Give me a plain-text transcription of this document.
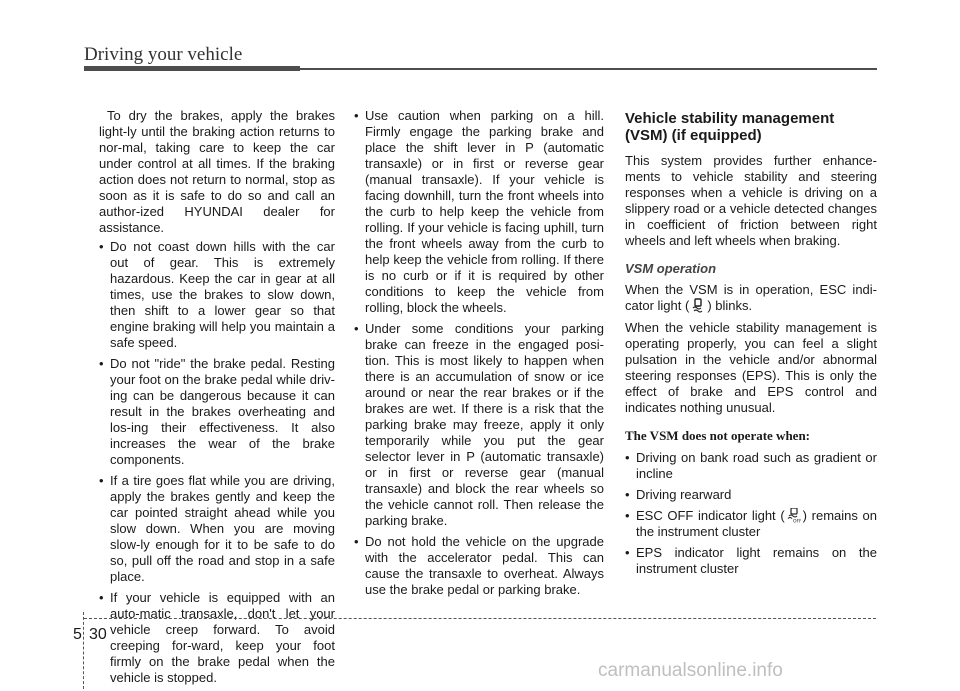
Driving your vehicle

To dry the brakes, apply the brakes light-ly until the braking action returns to nor-mal, taking care to keep the car under control at all times. If the braking action does not return to normal, stop as soon as it is safe to do so and call an author-ized HYUNDAI dealer for assistance.

• Do not coast down hills with the car out of gear. This is extremely hazardous. Keep the car in gear at all times, use the brakes to slow down, then shift to a lower gear so that engine braking will help you maintain a safe speed.
• Do not "ride" the brake pedal. Resting your foot on the brake pedal while driv-ing can be dangerous because it can result in the brakes overheating and los-ing their effectiveness. It also increases the wear of the brake components.
• If a tire goes flat while you are driving, apply the brakes gently and keep the car pointed straight ahead while you slow down. When you are moving slow-ly enough for it to be safe to do so, pull off the road and stop in a safe place.
• If your vehicle is equipped with an auto-matic transaxle, don't let your vehicle creep forward. To avoid creeping for-ward, keep your foot firmly on the brake pedal when the vehicle is stopped.
• Use caution when parking on a hill. Firmly engage the parking brake and place the shift lever in P (automatic transaxle) or in first or reverse gear (manual transaxle). If your vehicle is facing downhill, turn the front wheels into the curb to help keep the vehicle from rolling. If your vehicle is facing uphill, turn the front wheels away from the curb to help keep the vehicle from rolling. If there is no curb or if it is required by other conditions to keep the vehicle from rolling, block the wheels.
• Under some conditions your parking brake can freeze in the engaged posi-tion. This is most likely to happen when there is an accumulation of snow or ice around or near the rear brakes or if the brakes are wet. If there is a risk that the parking brake may freeze, apply it only temporarily while you put the gear selector lever in P (automatic transaxle) or in first or reverse gear (manual transaxle) and block the rear wheels so the vehicle cannot roll. Then release the parking brake.
• Do not hold the vehicle on the upgrade with the accelerator pedal. This can cause the transaxle to overheat. Always use the brake pedal or parking brake.
Vehicle stability management (VSM) (if equipped)

This system provides further enhance-ments to vehicle stability and steering responses when a vehicle is driving on a slippery road or a vehicle detected changes in coefficient of friction between right wheels and left wheels when braking.

VSM operation

When the VSM is in operation, ESC indi-cator light ( ) blinks.

When the vehicle stability management is operating properly, you can feel a slight pulsation in the vehicle and/or abnormal steering responses (EPS). This is only the effect of brake and EPS control and indicates nothing unusual.

The VSM does not operate when:
• Driving on bank road such as gradient or incline
• Driving rearward
• ESC OFF indicator light ( OFF ) remains on the instrument cluster
• EPS indicator light remains on the instrument cluster
5 30
carmanualsonline.info
